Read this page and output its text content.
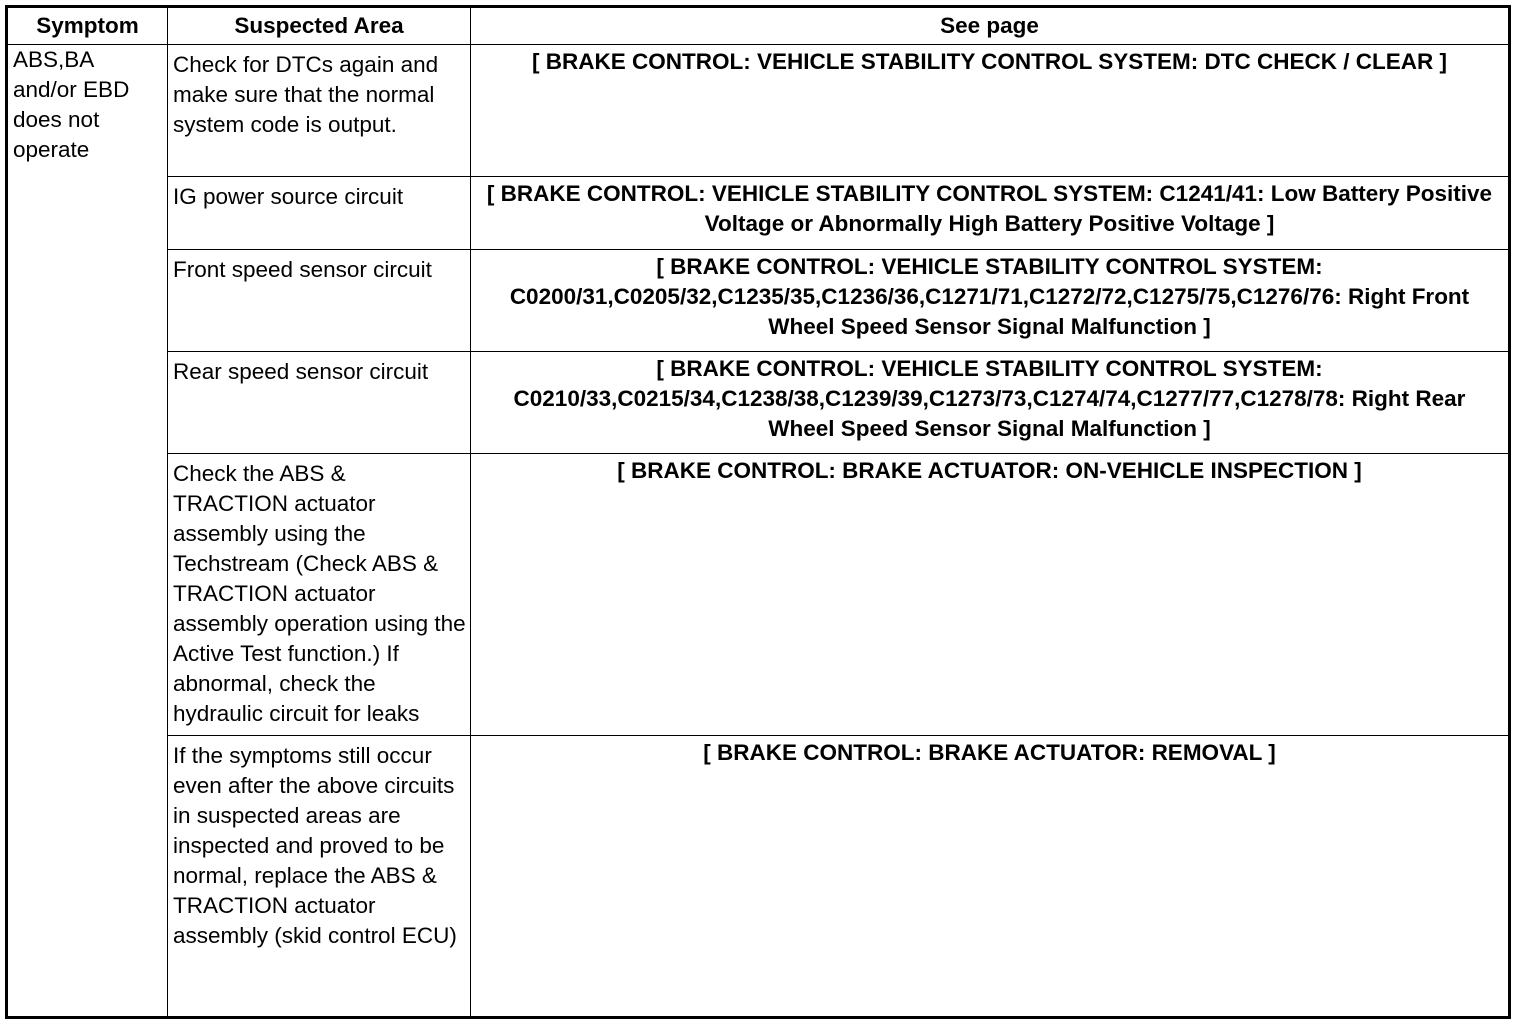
Symptom	Suspected Area	See page
ABS,BA and/or EBD does not operate	Check for DTCs again and make sure that the normal system code is output.	[ BRAKE CONTROL: VEHICLE STABILITY CONTROL SYSTEM: DTC CHECK / CLEAR ]

	IG power source circuit	[ BRAKE CONTROL: VEHICLE STABILITY CONTROL SYSTEM: C1241/41: Low Battery Positive Voltage or Abnormally High Battery Positive Voltage ]

	Front speed sensor circuit	[ BRAKE CONTROL: VEHICLE STABILITY CONTROL SYSTEM: C0200/31,C0205/32,C1235/35,C1236/36,C1271/71,C1272/72,C1275/75,C1276/76: Right Front Wheel Speed Sensor Signal Malfunction ]

	Rear speed sensor circuit	[ BRAKE CONTROL: VEHICLE STABILITY CONTROL SYSTEM: C0210/33,C0215/34,C1238/38,C1239/39,C1273/73,C1274/74,C1277/77,C1278/78: Right Rear Wheel Speed Sensor Signal Malfunction ]

	Check the ABS & TRACTION actuator assembly using the Techstream (Check ABS & TRACTION actuator assembly operation using the Active Test function.) If abnormal, check the hydraulic circuit for leaks	[ BRAKE CONTROL: BRAKE ACTUATOR: ON-VEHICLE INSPECTION ]

	If the symptoms still occur even after the above circuits in suspected areas are inspected and proved to be normal, replace the ABS & TRACTION actuator assembly (skid control ECU)	[ BRAKE CONTROL: BRAKE ACTUATOR: REMOVAL ]
